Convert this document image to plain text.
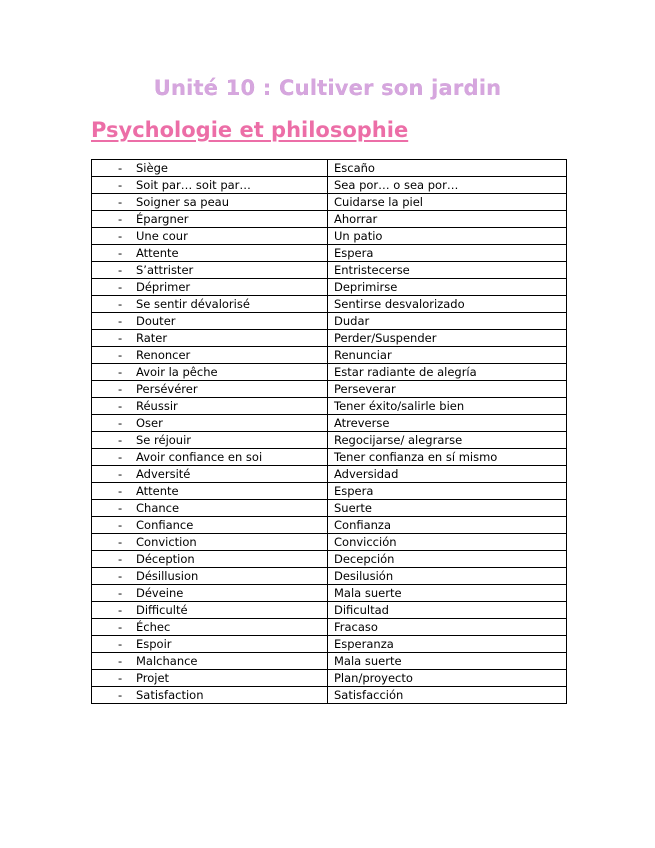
Unité 10 : Cultiver son jardin
Psychologie et philosophie
- Siège	Escaño
- Soit par… soit par…	Sea por… o sea por…
- Soigner sa peau	Cuidarse la piel
- Épargner	Ahorrar
- Une cour	Un patio
- Attente	Espera
- S’attrister	Entristecerse
- Déprimer	Deprimirse
- Se sentir dévalorisé	Sentirse desvalorizado
- Douter	Dudar
- Rater	Perder/Suspender
- Renoncer	Renunciar
- Avoir la pêche	Estar radiante de alegría
- Persévérer	Perseverar
- Réussir	Tener éxito/salirle bien
- Oser	Atreverse
- Se réjouir	Regocijarse/ alegrarse
- Avoir confiance en soi	Tener confianza en sí mismo
- Adversité	Adversidad
- Attente	Espera
- Chance	Suerte
- Confiance	Confianza
- Conviction	Convicción
- Déception	Decepción
- Désillusion	Desilusión
- Déveine	Mala suerte
- Difficulté	Dificultad
- Échec	Fracaso
- Espoir	Esperanza
- Malchance	Mala suerte
- Projet	Plan/proyecto
- Satisfaction	Satisfacción
